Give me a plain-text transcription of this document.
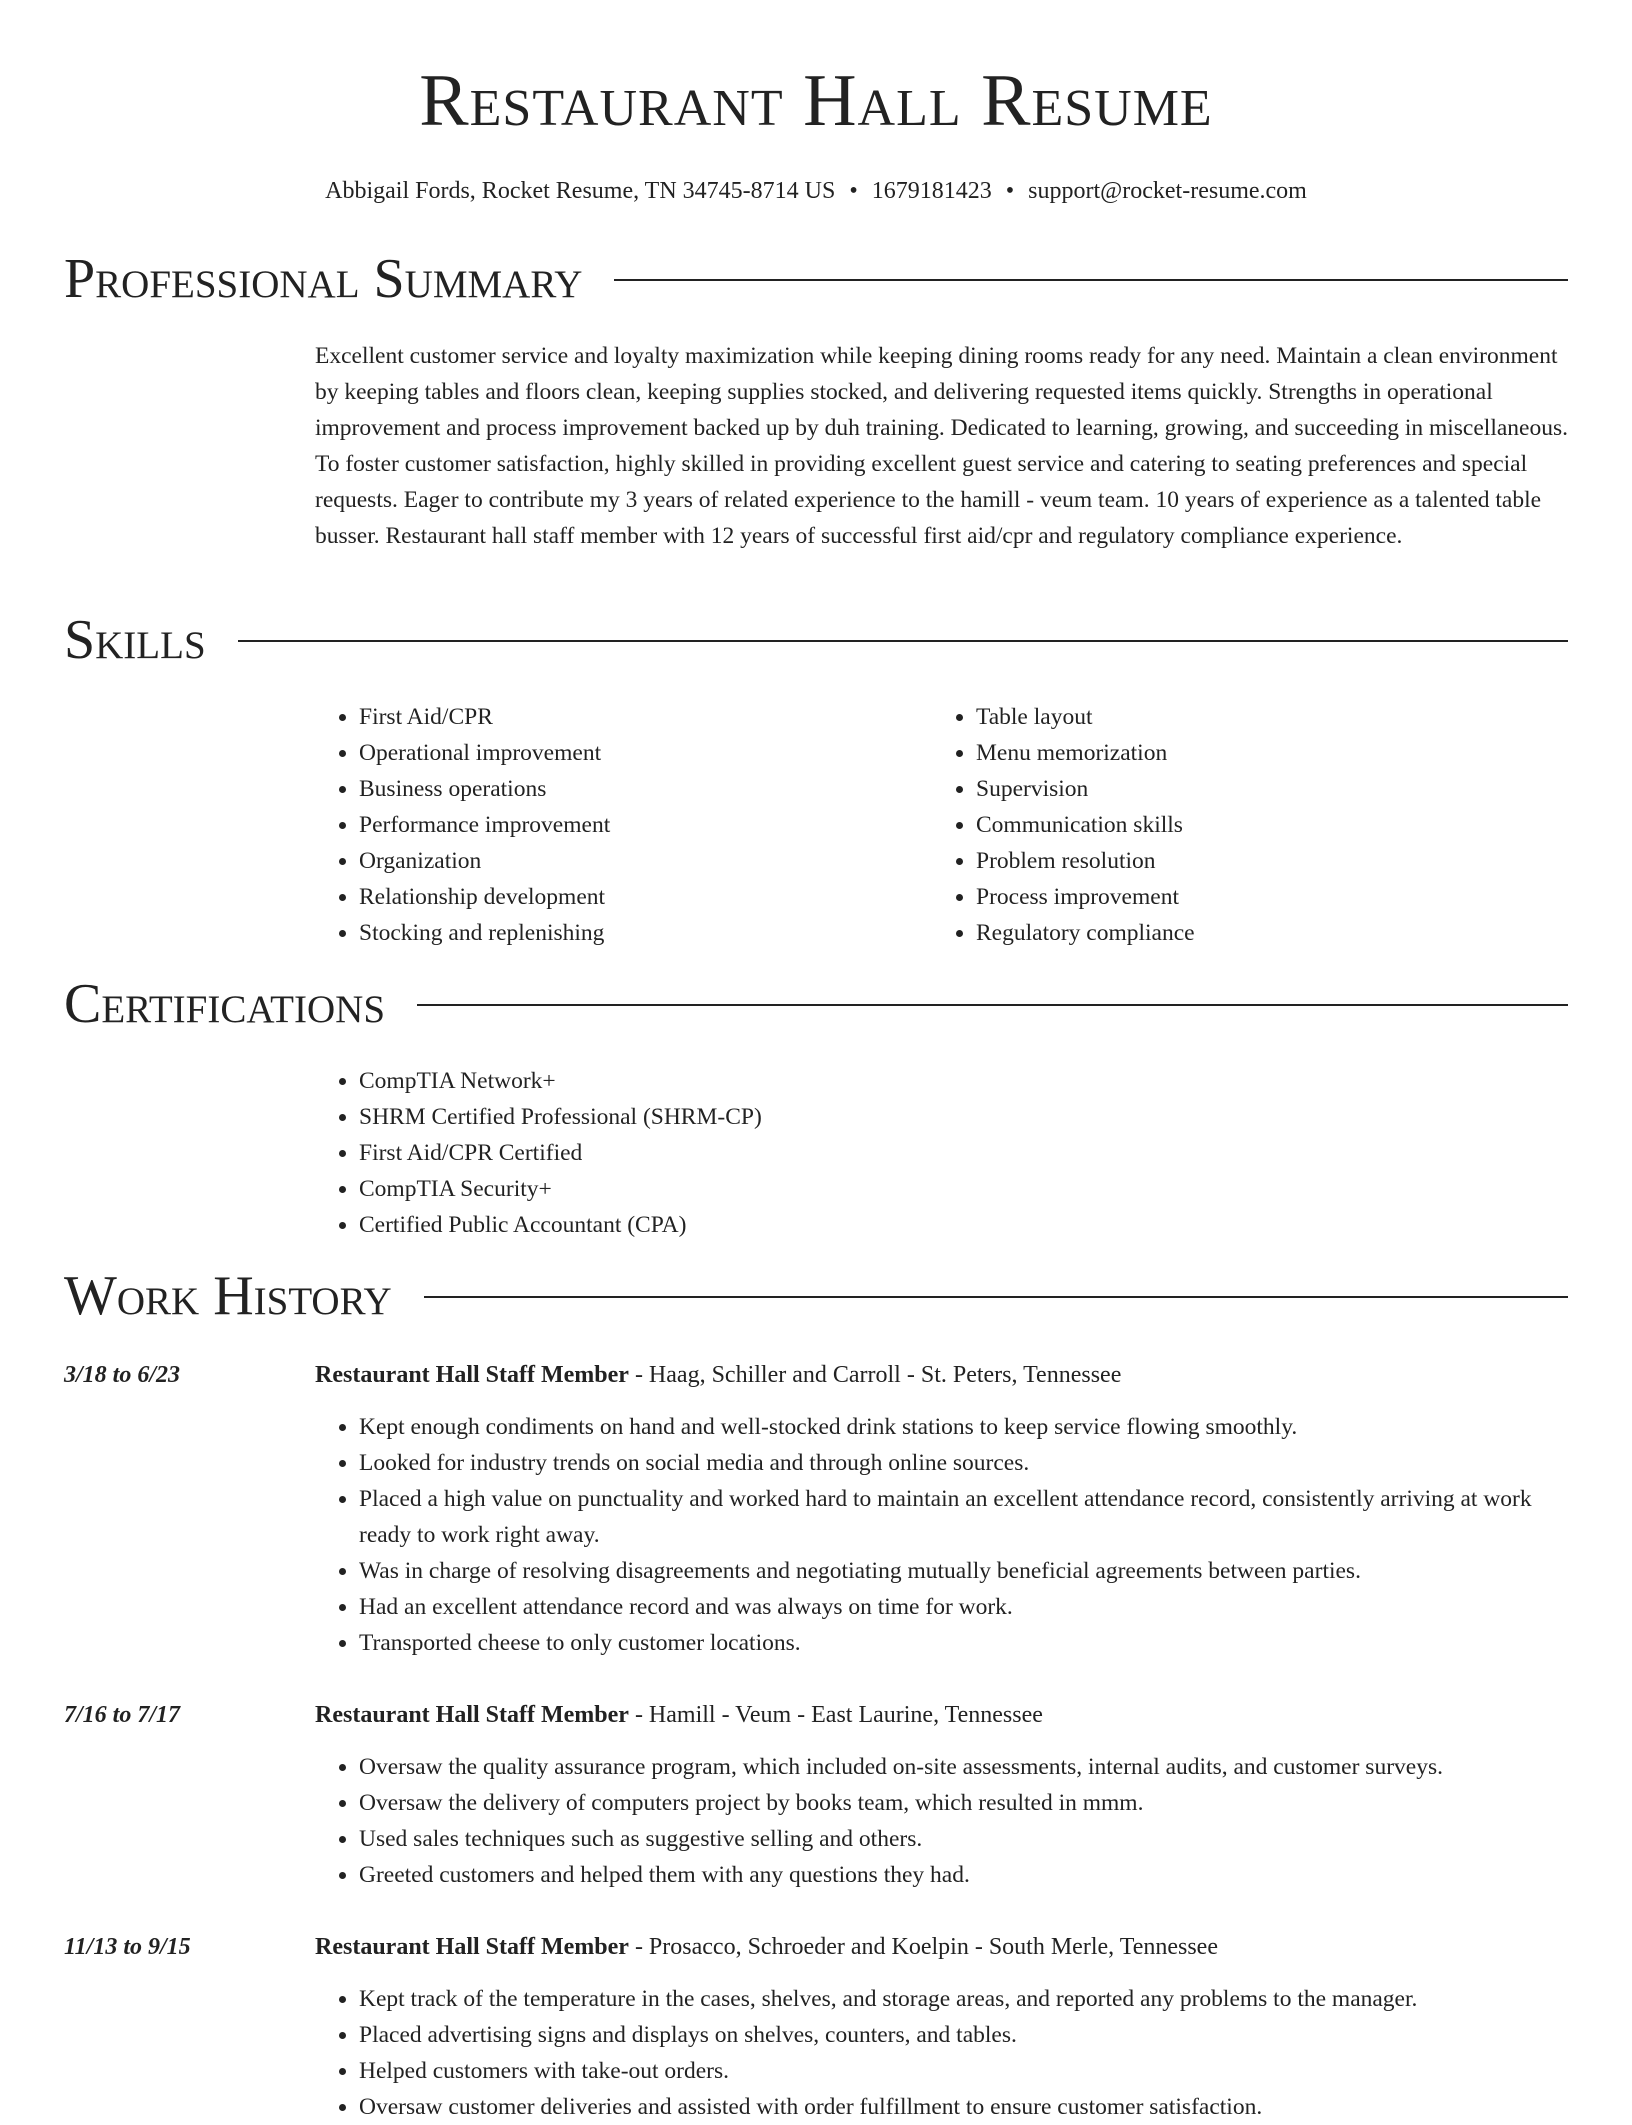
Restaurant Hall Resume
Abbigail Fords, Rocket Resume, TN 34745-8714 US • 1679181423 • support@rocket-resume.com
Professional Summary

Excellent customer service and loyalty maximization while keeping dining rooms ready for any need. Maintain a clean environment by keeping tables and floors clean, keeping supplies stocked, and delivering requested items quickly. Strengths in operational improvement and process improvement backed up by duh training. Dedicated to learning, growing, and succeeding in miscellaneous. To foster customer satisfaction, highly skilled in providing excellent guest service and catering to seating preferences and special requests. Eager to contribute my 3 years of related experience to the hamill - veum team. 10 years of experience as a talented table busser. Restaurant hall staff member with 12 years of successful first aid/cpr and regulatory compliance experience.

Skills
• First Aid/CPR
• Operational improvement
• Business operations
• Performance improvement
• Organization
• Relationship development
• Stocking and replenishing
• Table layout
• Menu memorization
• Supervision
• Communication skills
• Problem resolution
• Process improvement
• Regulatory compliance
Certifications
• CompTIA Network+
• SHRM Certified Professional (SHRM-CP)
• First Aid/CPR Certified
• CompTIA Security+
• Certified Public Accountant (CPA)
Work History
3/18 to 6/23	Restaurant Hall Staff Member - Haag, Schiller and Carroll - St. Peters, Tennessee
• Kept enough condiments on hand and well-stocked drink stations to keep service flowing smoothly.
• Looked for industry trends on social media and through online sources.
• Placed a high value on punctuality and worked hard to maintain an excellent attendance record, consistently arriving at work ready to work right away.
• Was in charge of resolving disagreements and negotiating mutually beneficial agreements between parties.
• Had an excellent attendance record and was always on time for work.
• Transported cheese to only customer locations.
7/16 to 7/17	Restaurant Hall Staff Member - Hamill - Veum - East Laurine, Tennessee
• Oversaw the quality assurance program, which included on-site assessments, internal audits, and customer surveys.
• Oversaw the delivery of computers project by books team, which resulted in mmm.
• Used sales techniques such as suggestive selling and others.
• Greeted customers and helped them with any questions they had.
11/13 to 9/15	Restaurant Hall Staff Member - Prosacco, Schroeder and Koelpin - South Merle, Tennessee
• Kept track of the temperature in the cases, shelves, and storage areas, and reported any problems to the manager.
• Placed advertising signs and displays on shelves, counters, and tables.
• Helped customers with take-out orders.
• Oversaw customer deliveries and assisted with order fulfillment to ensure customer satisfaction.
